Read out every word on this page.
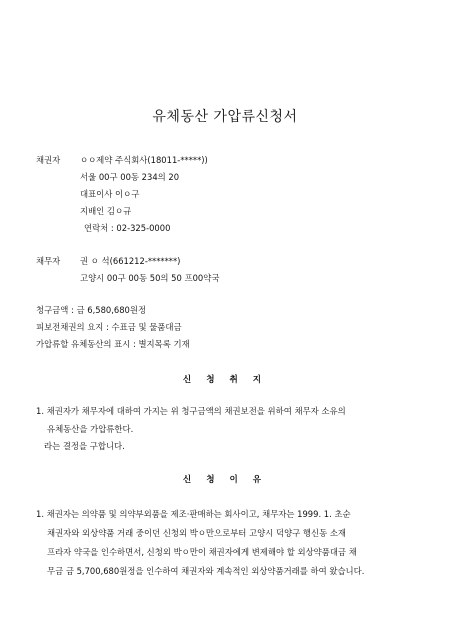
유체동산 가압류신청서
채권자 ㅇㅇ제약 주식회사(18011-*****))
서울 00구 00동 234의 20
대표이사 이ㅇ구
지배인 김ㅇ규
연락처 : 02-325-0000
채무자 권 ㅇ 석(661212-*******)
고양시 00구 00동 50의 50 프00약국
청구금액 : 금 6,580,680원정
피보전채권의 요지 : 수표금 및 물품대금
가압류할 유체동산의 표시 : 별지목록 기재
신 청 취 지
1. 채권자가 채무자에 대하여 가지는 위 청구금액의 채권보전을 위하여 채무자 소유의
유체동산을 가압류한다.
라는 결정을 구합니다.
신 청 이 유
1. 채권자는 의약품 및 의약부외품을 제조·판매하는 회사이고, 채무자는 1999. 1. 초순
채권자와 외상약품 거래 중이던 신청외 박ㅇ만으로부터 고양시 덕양구 행신동 소재
프라자 약국을 인수하면서, 신청외 박ㅇ만이 채권자에게 변제해야 할 외상약품대금 채
무금 금 5,700,680원정을 인수하여 채권자와 계속적인 외상약품거래를 하여 왔습니다.
